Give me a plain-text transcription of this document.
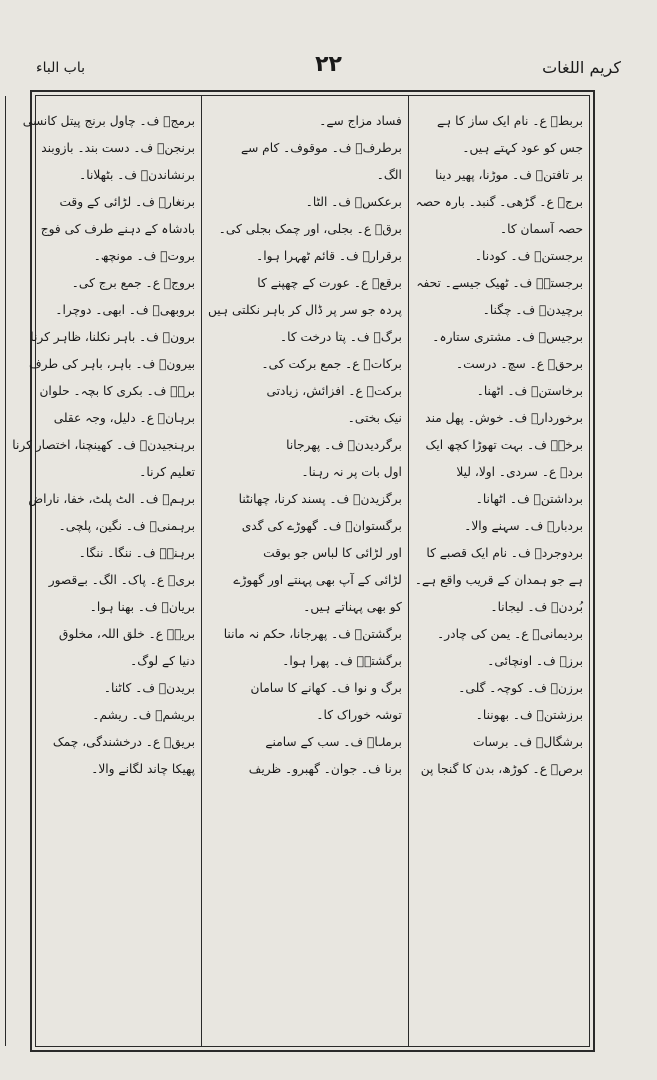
کریم اللغات
۲۲
باب الباء
بربطؔ ع۔ نام ایک ساز کا ہے
جس کو عود کہتے ہیں۔
بر تافتنؔ ف۔ موڑنا، پھیر دینا
برجؔ ع۔ گڑھی۔ گنبد۔ بارہ حصہ
حصہ آسمان کا۔
برجستنؔ ف۔ کودنا۔
برجستہؔ ف۔ ٹھیک جیسے۔ تحفہ
برچیدنؔ ف۔ چگنا۔
برجیسؔ ف۔ مشتری ستارہ۔
برحقؔ ع۔ سچ۔ درست۔
برخاستنؔ ف۔ اٹھنا۔
برخوردارؔ ف۔ خوش۔ پھل مند
برخےؔ ف۔ بہت تھوڑا کچھ ایک
بردؔ ع۔ سردی۔ اولا، لیلا
برداشتنؔ ف۔ اٹھانا۔
بردبارؔ ف۔ سہنے والا۔
بردوجردؔ ف۔ نام ایک قصبے کا
ہے جو ہمدان کے قریب واقع ہے۔
بُردنؔ ف۔ لیجانا۔
بردیمانیؔ ع۔ یمن کی چادر۔
برزؔ ف۔ اونچائی۔
برزنؔ ف۔ کوچہ۔ گلی۔
برزشتنؔ ف۔ بھوننا۔
برشگالؔ ف۔ برسات
برصؔ ع۔ کوڑھ، بدن کا گنجا پن
فساد مزاج سے۔
برطرفؔ ف۔ موقوف۔ کام سے
الگ۔
برعکسؔ ف۔ الٹا۔
برقؔ ع۔ بجلی، اور چمک بجلی کی۔
برقرارؔ ف۔ قائم ٹھہرا ہوا۔
برقعؔ ع۔ عورت کے چھپنے کا
پردہ جو سر پر ڈال کر باہر نکلتی ہیں
برگؔ ف۔ پتا درخت کا۔
برکاتؔ ع۔ جمع برکت کی۔
برکتؔ ع۔ افزائش، زیادتی
نیک بختی۔
برگردیدنؔ ف۔ پھرجانا
اول بات پر نہ رہنا۔
برگزیدنؔ ف۔ پسند کرنا، چھانٹنا
برگستوانؔ ف۔ گھوڑے کی گدی
اور لڑائی کا لباس جو بوقت
لڑائی کے آپ بھی پہنتے اور گھوڑے
کو بھی پہناتے ہیں۔
برگشتنؔ ف۔ پھرجانا، حکم نہ ماننا
برگشتہؔ ف۔ پھرا ہوا۔
برگ و نوا ف۔ کھانے کا سامان
توشہ خوراک کا۔
برملاؔ ف۔ سب کے سامنے
برنا ف۔ جوان۔ گھبرو۔ ظریف
برمجؔ ف۔ چاول برنج پیتل کانسی
برنجنؔ ف۔ دست بند۔ بازوبند
برنشاندنؔ ف۔ بٹھلانا۔
برنغارؔ ف۔ لڑائی کے وقت
بادشاہ کے دہنے طرف کی فوج
بروتؔ ف۔ مونچھ۔
بروجؔ ع۔ جمع برج کی۔
بروبھیؔ ف۔ ابھی۔ دوچرا۔
برونؔ ف۔ باہر نکلنا، ظاہر کرنا
بیرونؔ ف۔ باہر، باہر کی طرف
برہؔ ف۔ بکری کا بچہ۔ حلوان
برہانؔ ع۔ دلیل، وجہ عقلی
برہنجیدنؔ ف۔ کھینچنا، اختصار کرنا
تعلیم کرنا۔
برہمؔ ف۔ الٹ پلٹ، خفا، ناراض
برہمنیؔ ف۔ نگین، پلچی۔
برہنہؔ ف۔ ننگا۔ ننگا۔
بریؔ ع۔ پاک۔ الگ۔ بےقصور
بریانؔ ف۔ بھنا ہوا۔
بریہؔ ع۔ خلق اللہ، مخلوق
دنیا کے لوگ۔
بریدنؔ ف۔ کاٹنا۔
بریشمؔ ف۔ ریشم۔
بریقؔ ع۔ درخشندگی، چمک
پھیکا چاند لگانے والا۔
